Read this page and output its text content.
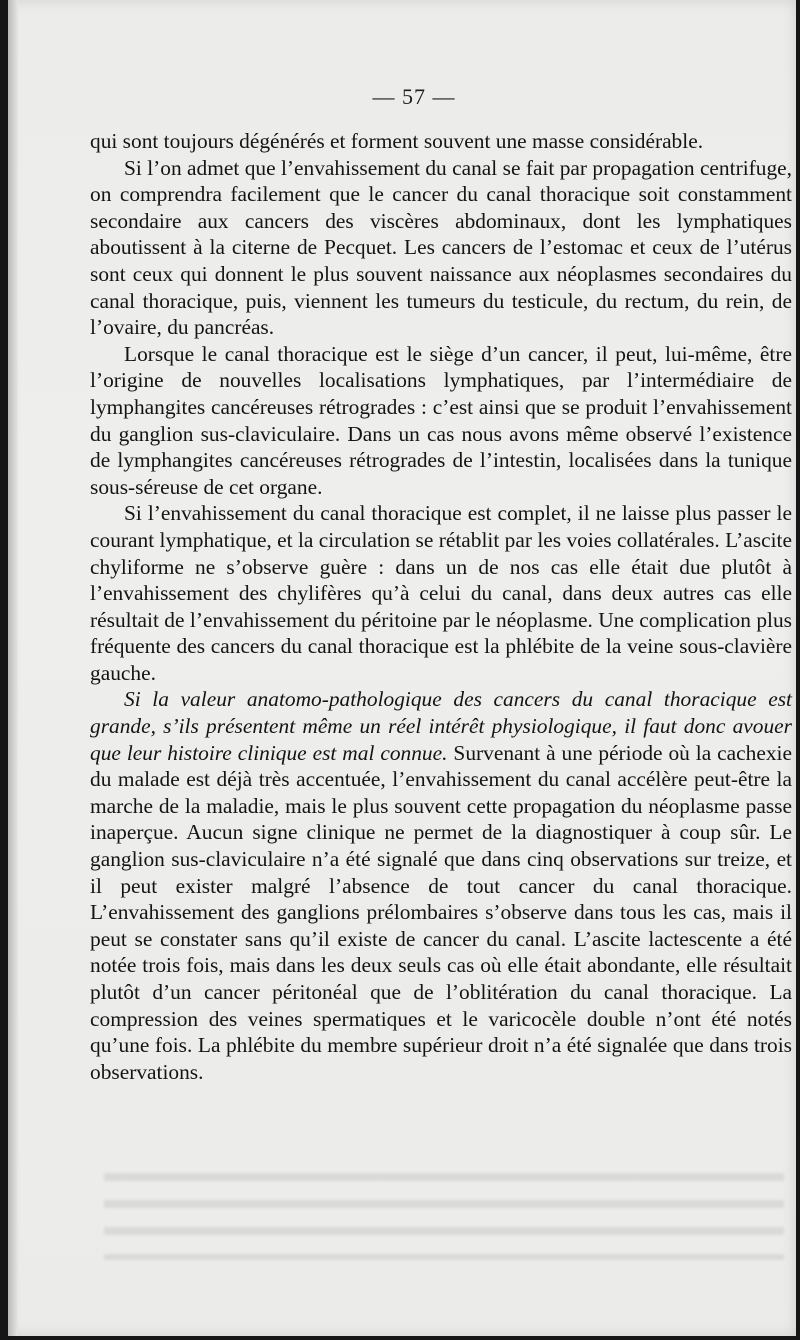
— 57 —

qui sont toujours dégénérés et forment souvent une masse considérable.

Si l’on admet que l’envahissement du canal se fait par propagation centrifuge, on comprendra facilement que le cancer du canal thoracique soit constamment secondaire aux cancers des viscères abdominaux, dont les lymphatiques aboutissent à la citerne de Pecquet. Les cancers de l’estomac et ceux de l’utérus sont ceux qui donnent le plus souvent naissance aux néoplasmes secondaires du canal thoracique, puis, viennent les tumeurs du testicule, du rectum, du rein, de l’ovaire, du pancréas.

Lorsque le canal thoracique est le siège d’un cancer, il peut, lui-même, être l’origine de nouvelles localisations lymphatiques, par l’intermédiaire de lymphangites cancéreuses rétrogrades : c’est ainsi que se produit l’envahissement du ganglion sus-claviculaire. Dans un cas nous avons même observé l’existence de lymphangites cancéreuses rétrogrades de l’intestin, localisées dans la tunique sous-séreuse de cet organe.

Si l’envahissement du canal thoracique est complet, il ne laisse plus passer le courant lymphatique, et la circulation se rétablit par les voies collatérales. L’ascite chyliforme ne s’observe guère : dans un de nos cas elle était due plutôt à l’envahissement des chylifères qu’à celui du canal, dans deux autres cas elle résultait de l’envahissement du péritoine par le néoplasme. Une complication plus fréquente des cancers du canal thoracique est la phlébite de la veine sous-clavière gauche.

Si la valeur anatomo-pathologique des cancers du canal thoracique est grande, s’ils présentent même un réel intérêt physiologique, il faut donc avouer que leur histoire clinique est mal connue. Survenant à une période où la cachexie du malade est déjà très accentuée, l’envahissement du canal accélère peut-être la marche de la maladie, mais le plus souvent cette propagation du néoplasme passe inaperçue. Aucun signe clinique ne permet de la diagnostiquer à coup sûr. Le ganglion sus-claviculaire n’a été signalé que dans cinq observations sur treize, et il peut exister malgré l’absence de tout cancer du canal thoracique. L’envahissement des ganglions prélombaires s’observe dans tous les cas, mais il peut se constater sans qu’il existe de cancer du canal. L’ascite lactescente a été notée trois fois, mais dans les deux seuls cas où elle était abondante, elle résultait plutôt d’un cancer péritonéal que de l’oblitération du canal thoracique. La compression des veines spermatiques et le varicocèle double n’ont été notés qu’une fois. La phlébite du membre supérieur droit n’a été signalée que dans trois observations.
